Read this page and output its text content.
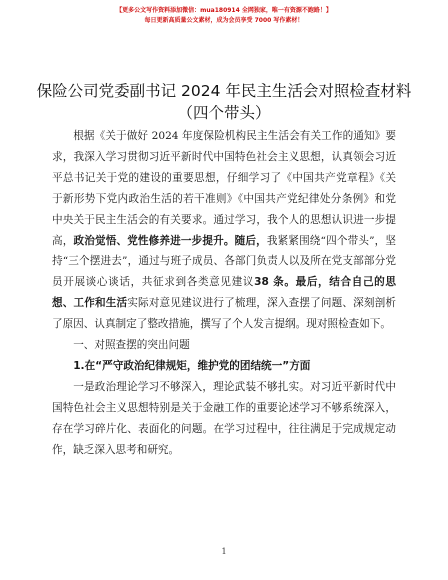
【更多公文写作资料添加微信：mua180914 全网独家，唯一有资源不跑路！】
每日更新高质量公文素材，成为会员享受 7000 写作素材！
保险公司党委副书记 2024 年民主生活会对照检查材料（四个带头）

根据《关于做好 2024 年度保险机构民主生活会有关工作的通知》要求，我深入学习贯彻习近平新时代中国特色社会主义思想，认真领会习近平总书记关于党的建设的重要思想，仔细学习了《中国共产党章程》《关于新形势下党内政治生活的若干准则》《中国共产党纪律处分条例》和党中央关于民主生活会的有关要求。通过学习，我个人的思想认识进一步提高，政治觉悟、党性修养进一步提升。随后，我紧紧围绕“四个带头”，坚持“三个摆进去”，通过与班子成员、各部门负责人以及所在党支部部分党员开展谈心谈话，共征求到各类意见建议38 条。最后，结合自己的思想、工作和生活实际对意见建议进行了梳理，深入查摆了问题、深刻剖析了原因、认真制定了整改措施，撰写了个人发言提纲。现对照检查如下。

一、对照查摆的突出问题

1.在“严守政治纪律规矩，维护党的团结统一”方面

一是政治理论学习不够深入，理论武装不够扎实。对习近平新时代中国特色社会主义思想特别是关于金融工作的重要论述学习不够系统深入，存在学习碎片化、表面化的问题。在学习过程中，往往满足于完成规定动作，缺乏深入思考和研究。

1
